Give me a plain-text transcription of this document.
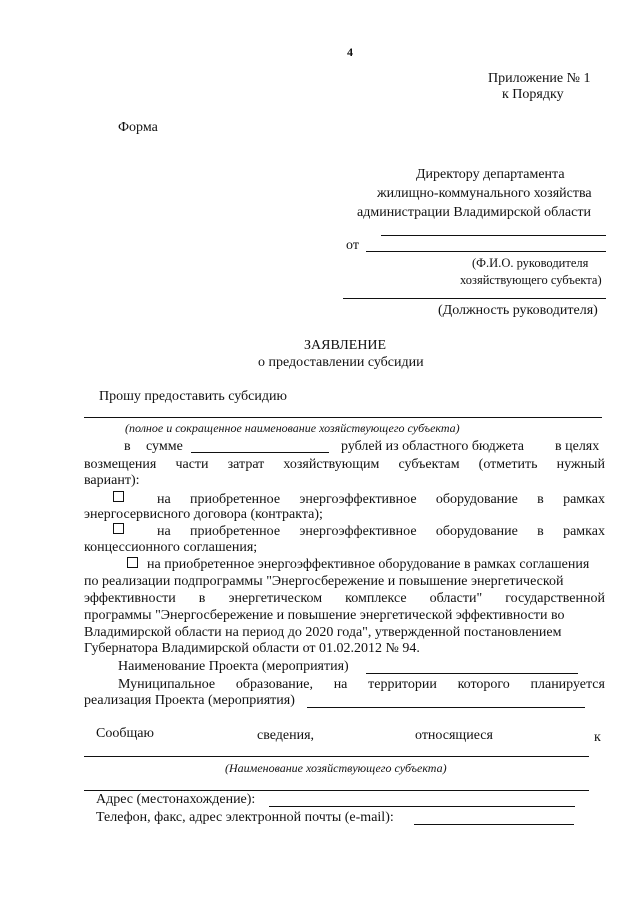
4
Приложение № 1
к Порядку
Форма
Директору департамента
жилищно-коммунального хозяйства
администрации Владимирской области
от
(Ф.И.О. руководителя
хозяйствующего субъекта)
(Должность руководителя)
ЗАЯВЛЕНИЕ
о предоставлении субсидии
Прошу предоставить субсидию
(полное и сокращенное наименование хозяйствующего субъекта)
в сумме	рублей из областного бюджета в целях
возмещения части затрат хозяйствующим субъектам (отметить нужный
вариант):
на приобретенное энергоэффективное оборудование в рамках
энергосервисного договора (контракта);
на приобретенное энергоэффективное оборудование в рамках
концессионного соглашения;
на приобретенное энергоэффективное оборудование в рамках соглашения
по реализации подпрограммы "Энергосбережение и повышение энергетической
эффективности в энергетическом комплексе области" государственной
программы "Энергосбережение и повышение энергетической эффективности во
Владимирской области на период до 2020 года", утвержденной постановлением
Губернатора Владимирской области от 01.02.2012 № 94.
Наименование Проекта (мероприятия)
Муниципальное образование, на территории которого планируется
реализация Проекта (мероприятия)
Сообщаю	сведения,	относящиеся	к
(Наименование хозяйствующего субъекта)
Адрес (местонахождение):
Телефон, факс, адрес электронной почты (e-mail):
